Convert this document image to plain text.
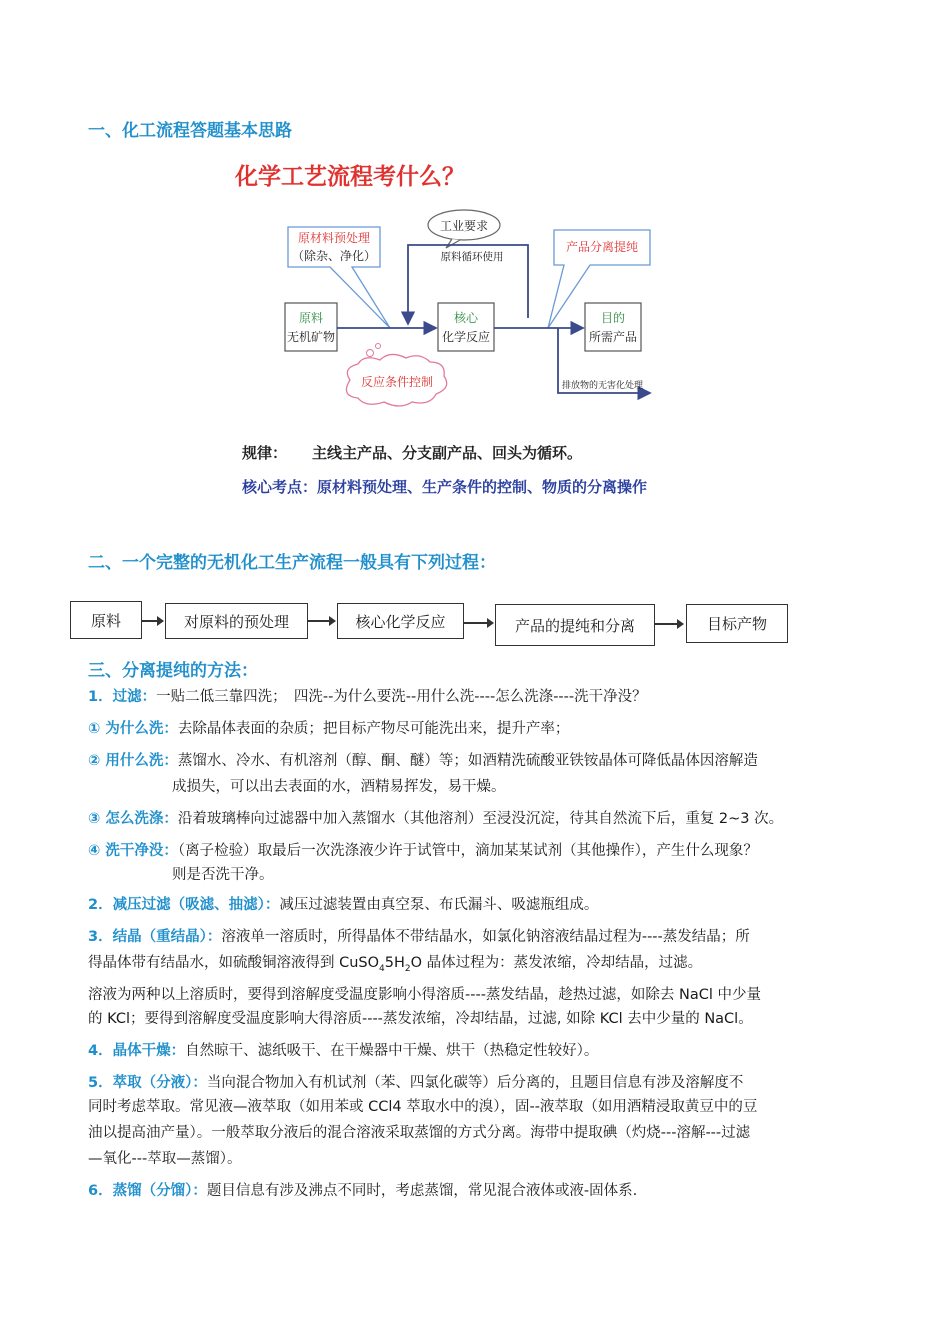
一、化工流程答题基本思路
化学工艺流程考什么？
原材料预处理
（除杂、净化）
工业要求
原料循环使用
产品分离提纯
原料
无机矿物
核心
化学反应
目的
所需产品
排放物的无害化处理
反应条件控制
规律： 主线主产品、分支副产品、回头为循环。
核心考点：原材料预处理、生产条件的控制、物质的分离操作
二、一个完整的无机化工生产流程一般具有下列过程：
原料	对原料的预处理	核心化学反应	产品的提纯和分离	目标产物
三、分离提纯的方法：
1．过滤：一贴二低三靠四洗；　四洗--为什么要洗--用什么洗----怎么洗涤----洗干净没？
① 为什么洗：去除晶体表面的杂质；把目标产物尽可能洗出来，提升产率；
② 用什么洗：蒸馏水、冷水、有机溶剂（醇、酮、醚）等；如酒精洗硫酸亚铁铵晶体可降低晶体因溶解造
成损失，可以出去表面的水，酒精易挥发，易干燥。
③ 怎么洗涤：沿着玻璃棒向过滤器中加入蒸馏水（其他溶剂）至浸没沉淀，待其自然流下后，重复 2~3 次。
④ 洗干净没：（离子检验）取最后一次洗涤液少许于试管中，滴加某某试剂（其他操作），产生什么现象？
则是否洗干净。
2．减压过滤（吸滤、抽滤）：减压过滤装置由真空泵、布氏漏斗、吸滤瓶组成。
3．结晶（重结晶）：溶液单一溶质时，所得晶体不带结晶水，如氯化钠溶液结晶过程为----蒸发结晶；所
得晶体带有结晶水，如硫酸铜溶液得到 $CuSO_45H_2O$ 晶体过程为：蒸发浓缩，冷却结晶，过滤。
溶液为两种以上溶质时，要得到溶解度受温度影响小得溶质----蒸发结晶，趁热过滤，如除去 NaCl 中少量
的 KCl；要得到溶解度受温度影响大得溶质----蒸发浓缩，冷却结晶，过滤, 如除 KCl 去中少量的 NaCl。
4．晶体干燥：自然晾干、滤纸吸干、在干燥器中干燥、烘干（热稳定性较好）。
5．萃取（分液）：当向混合物加入有机试剂（苯、四氯化碳等）后分离的，且题目信息有涉及溶解度不
同时考虑萃取。常见液—液萃取（如用苯或 CCl4 萃取水中的溴），固--液萃取（如用酒精浸取黄豆中的豆
油以提高油产量）。一般萃取分液后的混合溶液采取蒸馏的方式分离。海带中提取碘（灼烧---溶解---过滤
—氧化---萃取—蒸馏）。
6．蒸馏（分馏）：题目信息有涉及沸点不同时，考虑蒸馏，常见混合液体或液-固体系.
